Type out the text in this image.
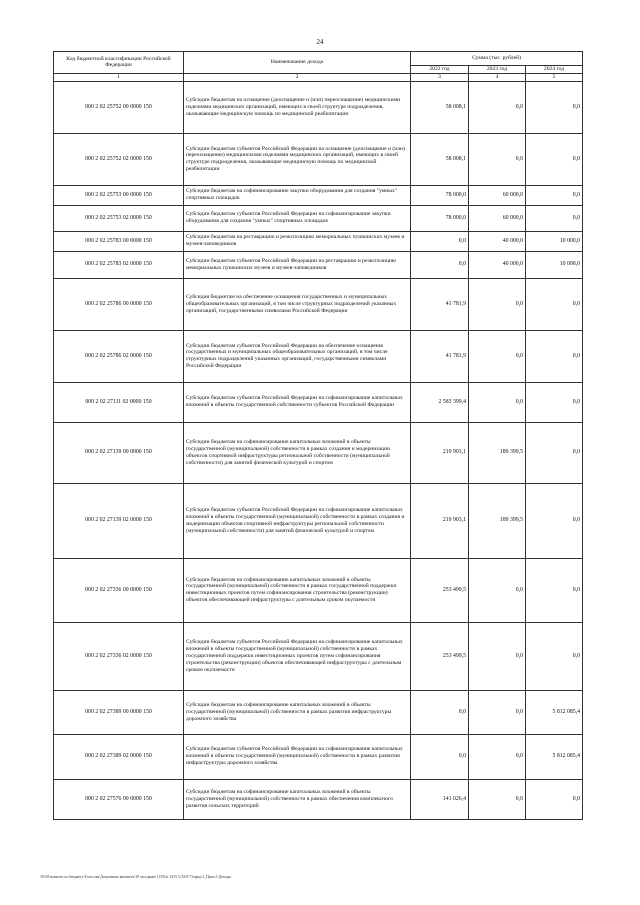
24
Код бюджетной классификации Российской Федерации	Наименование дохода	Сумма (тыс. рублей)		
		2022 год	2023 год	2024 год
1	2	3	4	5
000 2 02 25752 00 0000 150	Субсидии бюджетам на оснащение (дооснащение и (или) переоснащение) медицинскими изделиями медицинских организаций, имеющих в своей структуре подразделения, оказывающие медицинскую помощь по медицинской реабилитации	58 008,1	0,0	0,0
000 2 02 25752 02 0000 150	Субсидии бюджетам субъектов Российской Федерации на оснащение (дооснащение и (или) переоснащение) медицинскими изделиями медицинских организаций, имеющих в своей структуре подразделения, оказывающие медицинскую помощь по медицинской реабилитации	58 008,1	0,0	0,0
000 2 02 25753 00 0000 150	Субсидии бюджетам на софинансирование закупки оборудования для создания "умных" спортивных площадок	78 000,0	60 000,0	0,0
000 2 02 25753 02 0000 150	Субсидии бюджетам субъектов Российской Федерации на софинансирование закупки оборудования для создания "умных" спортивных площадок	78 000,0	60 000,0	0,0
000 2 02 25783 00 0000 150	Субсидии бюджетам на реставрацию и реэкспозицию мемориальных пушкинских музеев и музеев-заповедников	0,0	40 000,0	10 000,0
000 2 02 25783 02 0000 150	Субсидии бюджетам субъектов Российской Федерации на реставрацию и реэкспозицию мемориальных пушкинских музеев и музеев-заповедников	0,0	40 000,0	10 000,0
000 2 02 25786 00 0000 150	Субсидия бюджетам на обеспечение оснащения государственных и муниципальных общеобразовательных организаций, в том числе структурных подразделений указанных организаций, государственными символами Российской Федерации	41 781,9	0,0	0,0
000 2 02 25786 02 0000 150	Субсидии бюджетам субъектов Российской Федерации на обеспечение оснащения государственных и муниципальных общеобразовательных организаций, в том числе структурных подразделений указанных организаций, государственными символами Российской Федерации	41 781,9	0,0	0,0
000 2 02 27111 02 0000 150	Субсидии бюджетам субъектов Российской Федерации на софинансирование капитальных вложений в объекты государственной собственности субъектов Российской Федерации	2 583 399,4	0,0	0,0
000 2 02 27139 00 0000 150	Субсидии бюджетам на софинансирование капитальных вложений в объекты государственной (муниципальной) собственности в рамках создания и модернизации объектов спортивной инфраструктуры региональной собственности (муниципальной собственности) для занятий физической культурой и спортом	219 903,1	189 399,5	0,0
000 2 02 27139 02 0000 150	Субсидии бюджетам субъектов Российской Федерации на софинансирование капитальных вложений в объекты государственной (муниципальной) собственности в рамках создания и модернизации объектов спортивной инфраструктуры региональной собственности (муниципальной собственности) для занятий физической культурой и спортом	219 903,1	189 399,5	0,0
000 2 02 27336 00 0000 150	Субсидии бюджетам на софинансирование капитальных вложений в объекты государственной (муниципальной) собственности в рамках государственной поддержки инвестиционных проектов путем софинансирования строительства (реконструкции) объектов обеспечивающей инфраструктуры с длительным сроком окупаемости	253 499,5	0,0	0,0
000 2 02 27336 02 0000 150	Субсидии бюджетам субъектов Российской Федерации на софинансирование капитальных вложений в объекты государственной (муниципальной) собственности в рамках государственной поддержки инвестиционных проектов путем софинансирования строительства (реконструкции) объектов обеспечивающей инфраструктуры с длительным сроком окупаемости	253 499,5	0,0	0,0
000 2 02 27389 00 0000 150	Субсидии бюджетам на софинансирование капитальных вложений в объекты государственной (муниципальной) собственности в рамках развития инфраструктуры дорожного хозяйства	0,0	0,0	5 812 085,4
000 2 02 27389 02 0000 150	Субсидии бюджетам субъектов Российской Федерации на софинансирование капитальных вложений в объекты государственной (муниципальной) собственности в рамках развития инфраструктуры дорожного хозяйства	0,0	0,0	5 812 085,4
000 2 02 27576 00 0000 150	Субсидии бюджетам на софинансирование капитальных вложений в объекты государственной (муниципальной) собственности в рамках обеспечения комплексного развития сельских территорий	141 026,4	0,0	0,0
\\Fs01\комитет по бюджету\Голосова\Документы комитета\19 заседание (135)\п.1\(9) 3 (54Л-7)\прил.2_Прил.3 Доходы
